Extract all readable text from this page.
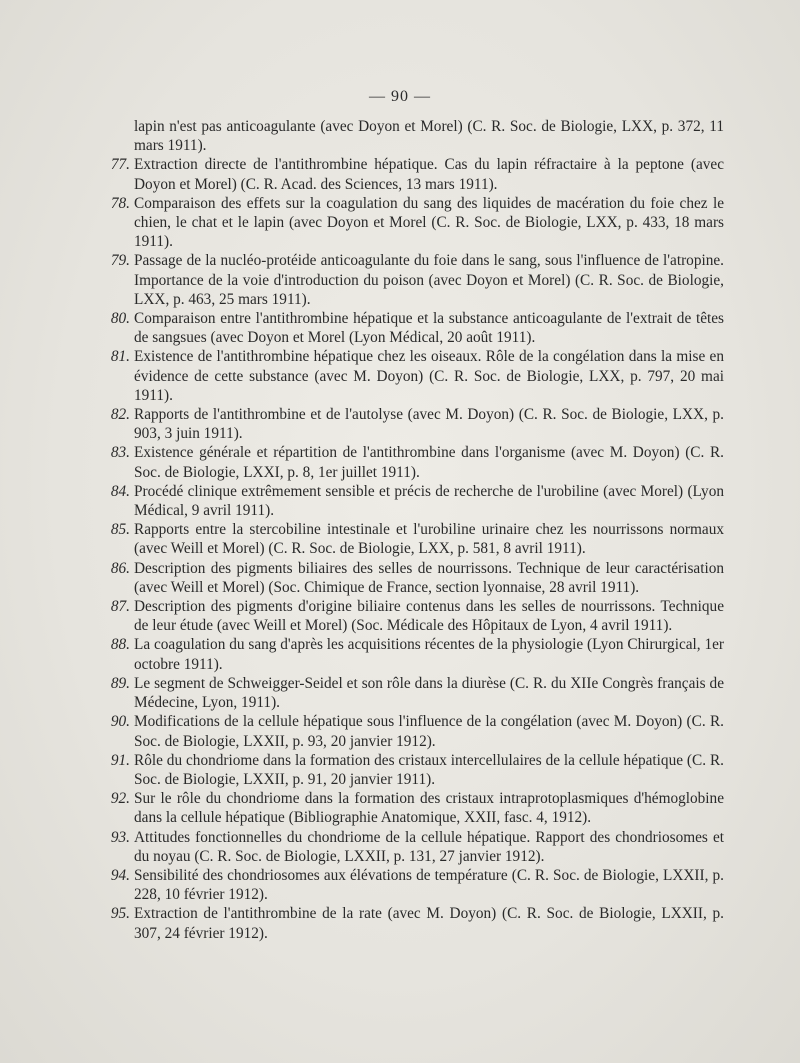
— 90 —
lapin n'est pas anticoagulante (avec Doyon et Morel) (C. R. Soc. de Biologie, LXX, p. 372, 11 mars 1911).
77. Extraction directe de l'antithrombine hépatique. Cas du lapin réfractaire à la peptone (avec Doyon et Morel) (C. R. Acad. des Sciences, 13 mars 1911).
78. Comparaison des effets sur la coagulation du sang des liquides de macération du foie chez le chien, le chat et le lapin (avec Doyon et Morel (C. R. Soc. de Biologie, LXX, p. 433, 18 mars 1911).
79. Passage de la nucléo-protéide anticoagulante du foie dans le sang, sous l'influence de l'atropine. Importance de la voie d'introduction du poison (avec Doyon et Morel) (C. R. Soc. de Biologie, LXX, p. 463, 25 mars 1911).
80. Comparaison entre l'antithrombine hépatique et la substance anticoagulante de l'extrait de têtes de sangsues (avec Doyon et Morel (Lyon Médical, 20 août 1911).
81. Existence de l'antithrombine hépatique chez les oiseaux. Rôle de la congélation dans la mise en évidence de cette substance (avec M. Doyon) (C. R. Soc. de Biologie, LXX, p. 797, 20 mai 1911).
82. Rapports de l'antithrombine et de l'autolyse (avec M. Doyon) (C. R. Soc. de Biologie, LXX, p. 903, 3 juin 1911).
83. Existence générale et répartition de l'antithrombine dans l'organisme (avec M. Doyon) (C. R. Soc. de Biologie, LXXI, p. 8, 1er juillet 1911).
84. Procédé clinique extrêmement sensible et précis de recherche de l'urobiline (avec Morel) (Lyon Médical, 9 avril 1911).
85. Rapports entre la stercobiline intestinale et l'urobiline urinaire chez les nourrissons normaux (avec Weill et Morel) (C. R. Soc. de Biologie, LXX, p. 581, 8 avril 1911).
86. Description des pigments biliaires des selles de nourrissons. Technique de leur caractérisation (avec Weill et Morel) (Soc. Chimique de France, section lyonnaise, 28 avril 1911).
87. Description des pigments d'origine biliaire contenus dans les selles de nourrissons. Technique de leur étude (avec Weill et Morel) (Soc. Médicale des Hôpitaux de Lyon, 4 avril 1911).
88. La coagulation du sang d'après les acquisitions récentes de la physiologie (Lyon Chirurgical, 1er octobre 1911).
89. Le segment de Schweigger-Seidel et son rôle dans la diurèse (C. R. du XIIe Congrès français de Médecine, Lyon, 1911).
90. Modifications de la cellule hépatique sous l'influence de la congélation (avec M. Doyon) (C. R. Soc. de Biologie, LXXII, p. 93, 20 janvier 1912).
91. Rôle du chondriome dans la formation des cristaux intercellulaires de la cellule hépatique (C. R. Soc. de Biologie, LXXII, p. 91, 20 janvier 1911).
92. Sur le rôle du chondriome dans la formation des cristaux intraprotoplasmiques d'hémoglobine dans la cellule hépatique (Bibliographie Anatomique, XXII, fasc. 4, 1912).
93. Attitudes fonctionnelles du chondriome de la cellule hépatique. Rapport des chondriosomes et du noyau (C. R. Soc. de Biologie, LXXII, p. 131, 27 janvier 1912).
94. Sensibilité des chondriosomes aux élévations de température (C. R. Soc. de Biologie, LXXII, p. 228, 10 février 1912).
95. Extraction de l'antithrombine de la rate (avec M. Doyon) (C. R. Soc. de Biologie, LXXII, p. 307, 24 février 1912).
